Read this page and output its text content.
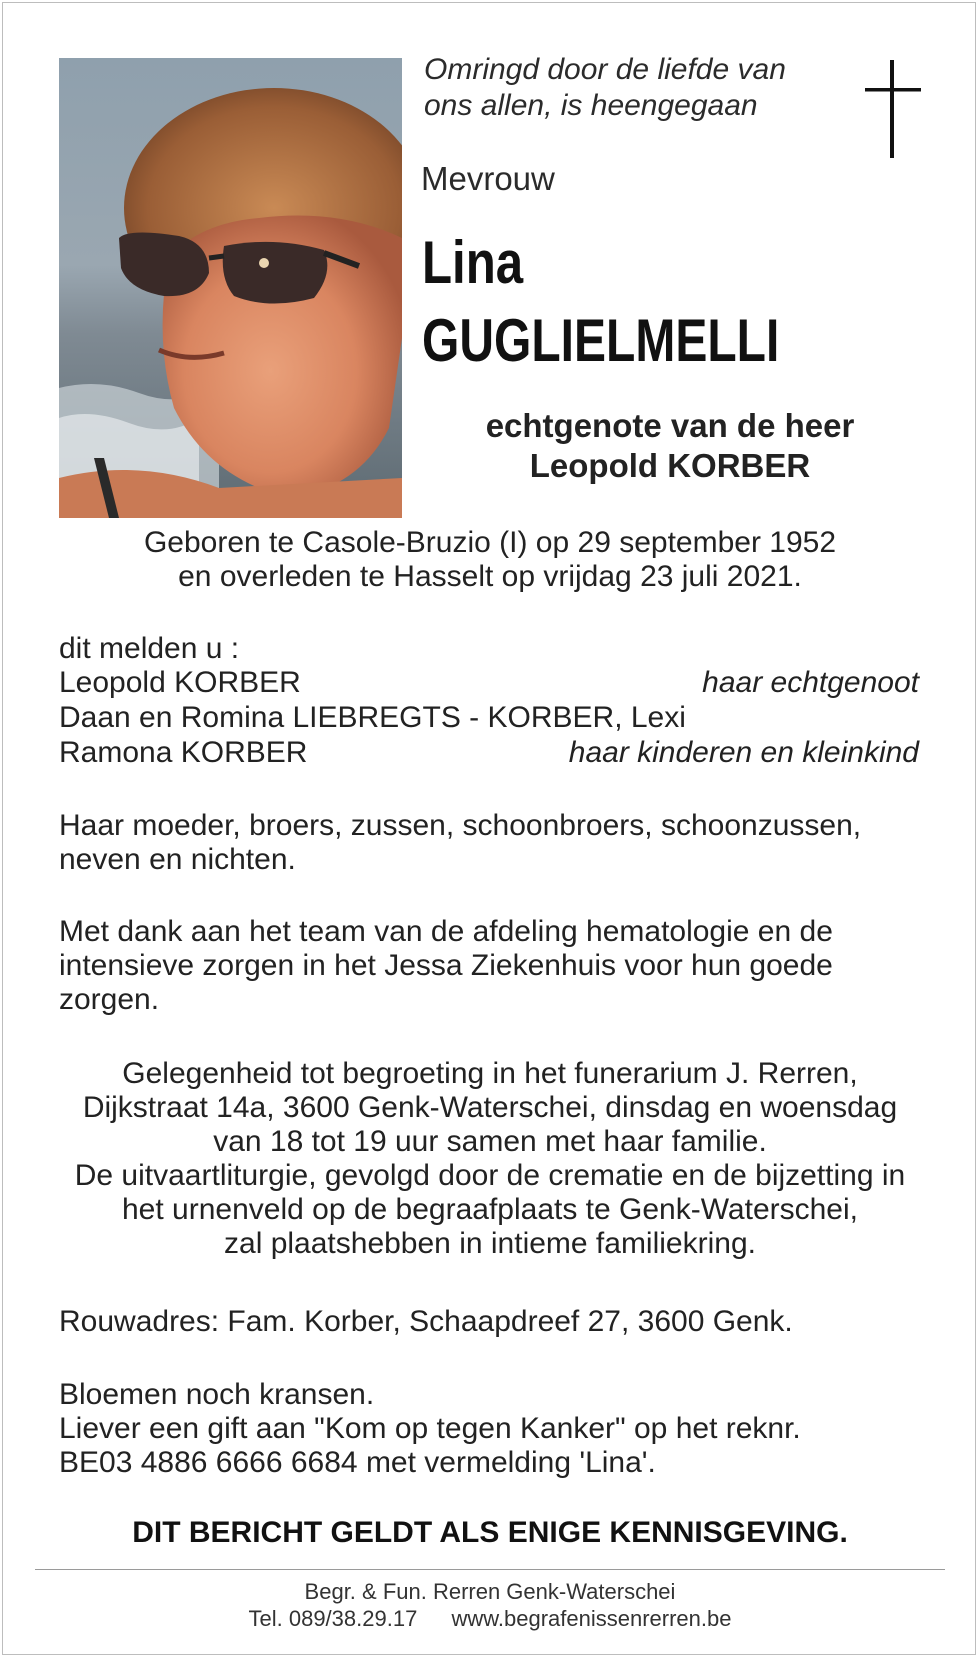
Omringd door de liefde van
ons allen, is heengegaan
Mevrouw
Lina
GUGLIELMELLI
echtgenote van de heer
Leopold KORBER
Geboren te Casole-Bruzio (I) op 29 september 1952
en overleden te Hasselt op vrijdag 23 juli 2021.
dit melden u :
Leopold KORBER	haar echtgenoot
Daan en Romina LIEBREGTS - KORBER, Lexi
Ramona KORBER	haar kinderen en kleinkind
Haar moeder, broers, zussen, schoonbroers, schoonzussen,
neven en nichten.
Met dank aan het team van de afdeling hematologie en de
intensieve zorgen in het Jessa Ziekenhuis voor hun goede
zorgen.
Gelegenheid tot begroeting in het funerarium J. Rerren,
Dijkstraat 14a, 3600 Genk-Waterschei, dinsdag en woensdag
van 18 tot 19 uur samen met haar familie.
De uitvaartliturgie, gevolgd door de crematie en de bijzetting in
het urnenveld op de begraafplaats te Genk-Waterschei,
zal plaatshebben in intieme familiekring.
Rouwadres: Fam. Korber, Schaapdreef 27, 3600 Genk.
Bloemen noch kransen.
Liever een gift aan "Kom op tegen Kanker" op het reknr.
BE03 4886 6666 6684 met vermelding 'Lina'.
DIT BERICHT GELDT ALS ENIGE KENNISGEVING.
Begr. & Fun. Rerren Genk-Waterschei
Tel. 089/38.29.17 www.begrafenissenrerren.be
